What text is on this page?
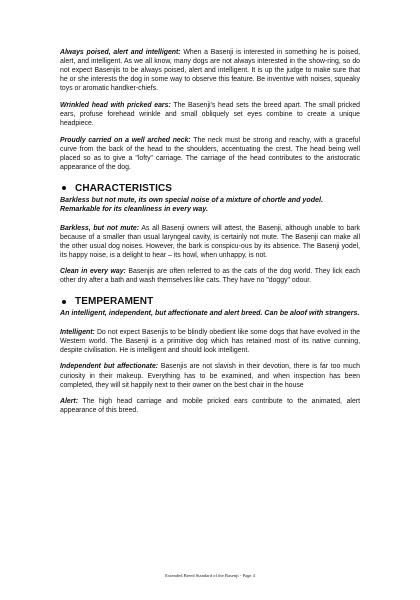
Always poised, alert and intelligent: When a Basenji is interested in something he is poised, alert, and intelligent. As we all know, many dogs are not always interested in the show-ring, so do not expect Basenjis to be always poised, alert and intelligent. It is up the judge to make sure that he or she interests the dog in some way to observe this feature. Be inventive with noises, squeaky toys or aromatic handker-chiefs.

Wrinkled head with pricked ears: The Basenji's head sets the breed apart. The small pricked ears, profuse forehead wrinkle and small obliquely set eyes combine to create a unique headpiece.

Proudly carried on a well arched neck: The neck must be strong and reachy, with a graceful curve from the back of the head to the shoulders, accentuating the crest. The head being well placed so as to give a "lofty" carriage. The carriage of the head contributes to the aristocratic appearance of the dog.

CHARACTERISTICS

Barkless but not mute, its own special noise of a mixture of chortle and yodel. Remarkable for its cleanliness in every way.

Barkless, but not mute: As all Basenji owners will attest, the Basenji, although unable to bark because of a smaller than usual laryngeal cavity, is certainly not mute. The Basenji can make all the other usual dog noises. However, the bark is conspicu-ous by its absence. The Basenji yodel, its happy noise, is a delight to hear – its howl, when unhappy, is not.

Clean in every way: Basenjis are often referred to as the cats of the dog world. They lick each other dry after a bath and wash themselves like cats. They have no "doggy" odour.

TEMPERAMENT

An intelligent, independent, but affectionate and alert breed. Can be aloof with strangers.

Intelligent: Do not expect Basenjis to be blindly obedient like some dogs that have evolved in the Western world. The Basenji is a primitive dog which has retained most of its native cunning, despite civilisation. He is intelligent and should look intelligent.

Independent but affectionate: Basenjis are not slavish in their devotion, there is far too much curiosity in their makeup. Everything has to be examined, and when inspection has been completed, they will sit happily next to their owner on the best chair in the house

Alert: The high head carriage and mobile pricked ears contribute to the animated, alert appearance of this breed.

Extended Breed Standard of the Basenji - Page 4
